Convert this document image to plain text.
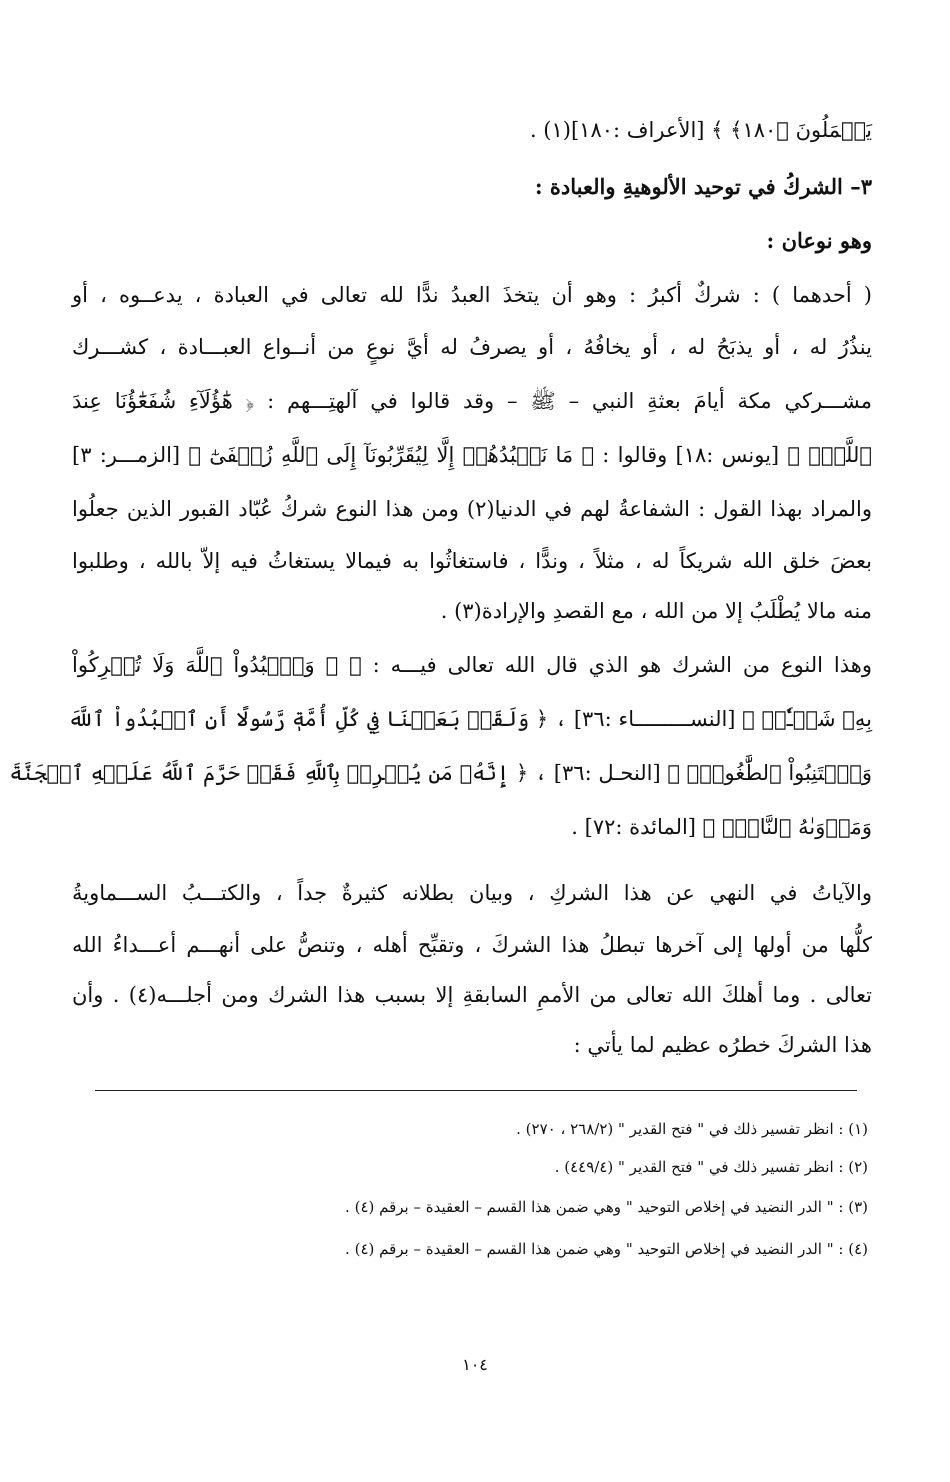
يَعۡمَلُونَ ﴿١٨٠﴾ ﴾ [الأعراف :١٨٠](١) .
٣– الشركُ في توحيد الألوهيةِ والعبادة :
وهو نوعان :
( أحدهما ) : شركٌ أكبرُ : وهو أن يتخذَ العبدُ ندًّا لله تعالى في العبادة ، يدعــوه ، أو
ينذُرُ له ، أو يذبَحُ له ، أو يخافُهُ ، أو يصرفُ له أيَّ نوعٍ من أنــواع العبـــادة ، كشـــرك
مشـــركي مكة أيامَ بعثةِ النبي – ﷺ – وقد قالوا في آلهتِـــهم : ﴿ هَٰٓؤُلَآءِ شُفَعَٰٓؤُنَا عِندَ
ٱللَّهِۚ ﴾ [يونس :١٨] وقالوا : ﴿ مَا نَعۡبُدُهُمۡ إِلَّا لِيُقَرِّبُونَآ إِلَى ٱللَّهِ زُلۡفَىٰٓ ﴾ [الزمـــر: ٣]
والمراد بهذا القول : الشفاعةُ لهم في الدنيا(٢) ومن هذا النوع شركُ عُبّاد القبور الذين جعلُوا
بعضَ خلق الله شريكاً له ، مثلاً ، وندًّا ، فاستغاثُوا به فيمالا يستغاثُ فيه إلاّ بالله ، وطلبوا
منه مالا يُطْلَبُ إلا من الله ، مع القصدِ والإرادة(٣) .
وهذا النوع من الشرك هو الذي قال الله تعالى فيـــه : ﴿ ۞ وَٱعۡبُدُواْ ٱللَّهَ وَلَا تُشۡرِكُواْ
بِهِۦ شَيۡـٔٗاۖ ﴾ [النســـــــــاء :٣٦] ، ﴿ وَلَقَدۡ بَعَثۡنَا فِي كُلِّ أُمَّةٖ رَّسُولًا أَنِ ٱعۡبُدُواْ ٱللَّهَ
وَٱجۡتَنِبُواْ ٱلطَّٰغُوتَۖ ﴾ [النحـل :٣٦] ، ﴿ إِنَّهُۥ مَن يُشۡرِكۡ بِٱللَّهِ فَقَدۡ حَرَّمَ ٱللَّهُ عَلَيۡهِ ٱلۡجَنَّةَ
وَمَأۡوَىٰهُ ٱلنَّارُۖ ﴾ [المائدة :٧٢] .
والآياتُ في النهي عن هذا الشركِ ، وبيان بطلانه كثيرةٌ جداً ، والكتـــبُ الســـماويةُ
كلُّها من أولها إلى آخرها تبطلُ هذا الشركَ ، وتقبِّح أهله ، وتنصُّ على أنهـــم أعـــداءُ الله
تعالى . وما أهلكَ الله تعالى من الأممِ السابقةِ إلا بسبب هذا الشرك ومن أجلـــه(٤) . وأن
هذا الشركَ خطرُه عظيم لما يأتي :
(١) : انظر تفسير ذلك في " فتح القدير " (٢٦٨/٢ ، ٢٧٠) .
(٢) : انظر تفسير ذلك في " فتح القدير " (٤٤٩/٤) .
(٣) : " الدر النضيد في إخلاص التوحيد " وهي ضمن هذا القسم – العقيدة – برقم (٤) .
(٤) : " الدر النضيد في إخلاص التوحيد " وهي ضمن هذا القسم – العقيدة – برقم (٤) .
١٠٤
